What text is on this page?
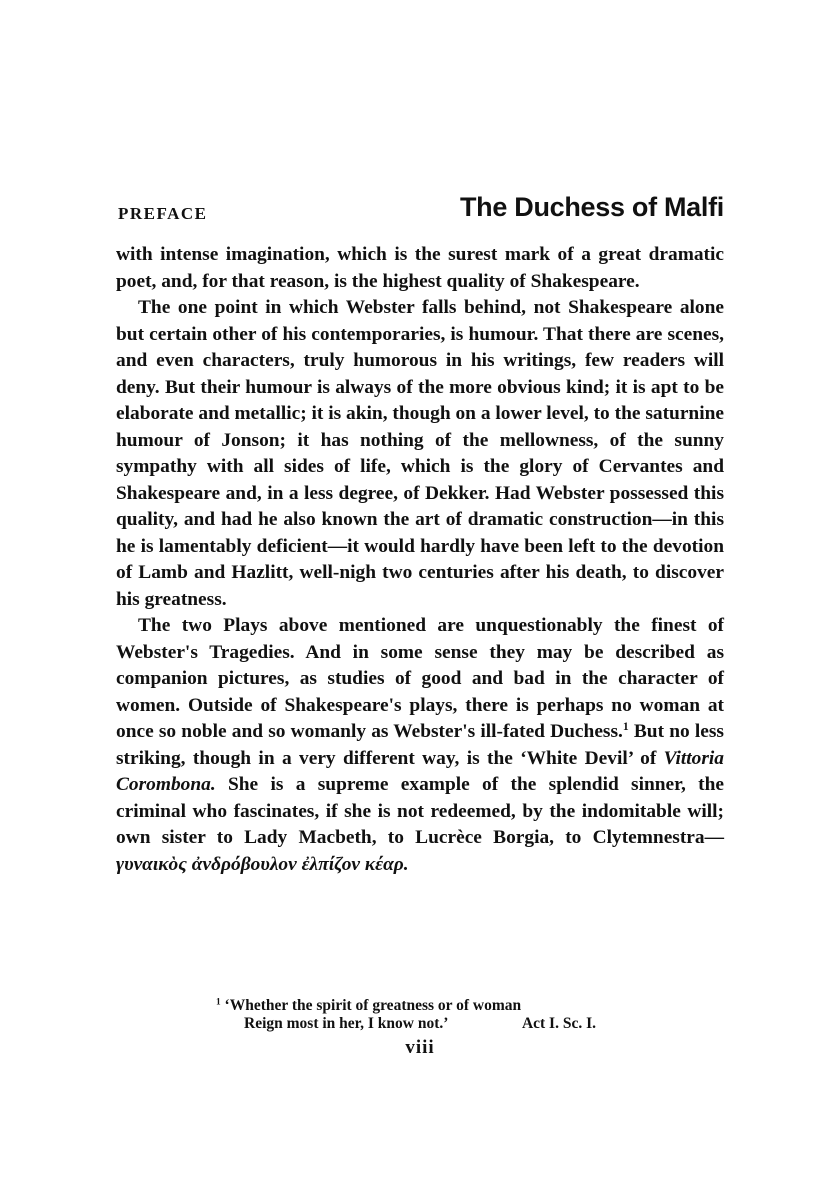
PREFACE	The Duchess of Malfi

with intense imagination, which is the surest mark of a great dramatic poet, and, for that reason, is the highest quality of Shakespeare.

The one point in which Webster falls behind, not Shakespeare alone but certain other of his contemporaries, is humour. That there are scenes, and even characters, truly humorous in his writings, few readers will deny. But their humour is always of the more obvious kind; it is apt to be elaborate and metallic; it is akin, though on a lower level, to the saturnine humour of Jonson; it has nothing of the mellowness, of the sunny sympathy with all sides of life, which is the glory of Cervantes and Shakespeare and, in a less degree, of Dekker. Had Webster possessed this quality, and had he also known the art of dramatic construction—in this he is lamentably deficient—it would hardly have been left to the devotion of Lamb and Hazlitt, well-nigh two centuries after his death, to discover his greatness.

The two Plays above mentioned are unquestionably the finest of Webster's Tragedies. And in some sense they may be described as companion pictures, as studies of good and bad in the character of women. Outside of Shakespeare's plays, there is perhaps no woman at once so noble and so womanly as Webster's ill-fated Duchess.$^1$ But no less striking, though in a very different way, is the ‘White Devil’ of Vittoria Corombona. She is a supreme example of the splendid sinner, the criminal who fascinates, if she is not redeemed, by the indomitable will; own sister to Lady Macbeth, to Lucrèce Borgia, to Clytemnestra—γυναικὸς ἀνδρόβουλον ἐλπίζον κέαρ.

$^1$ ‘Whether the spirit of greatness or of woman
Reign most in her, I know not.’	Act I. Sc. I.
viii
